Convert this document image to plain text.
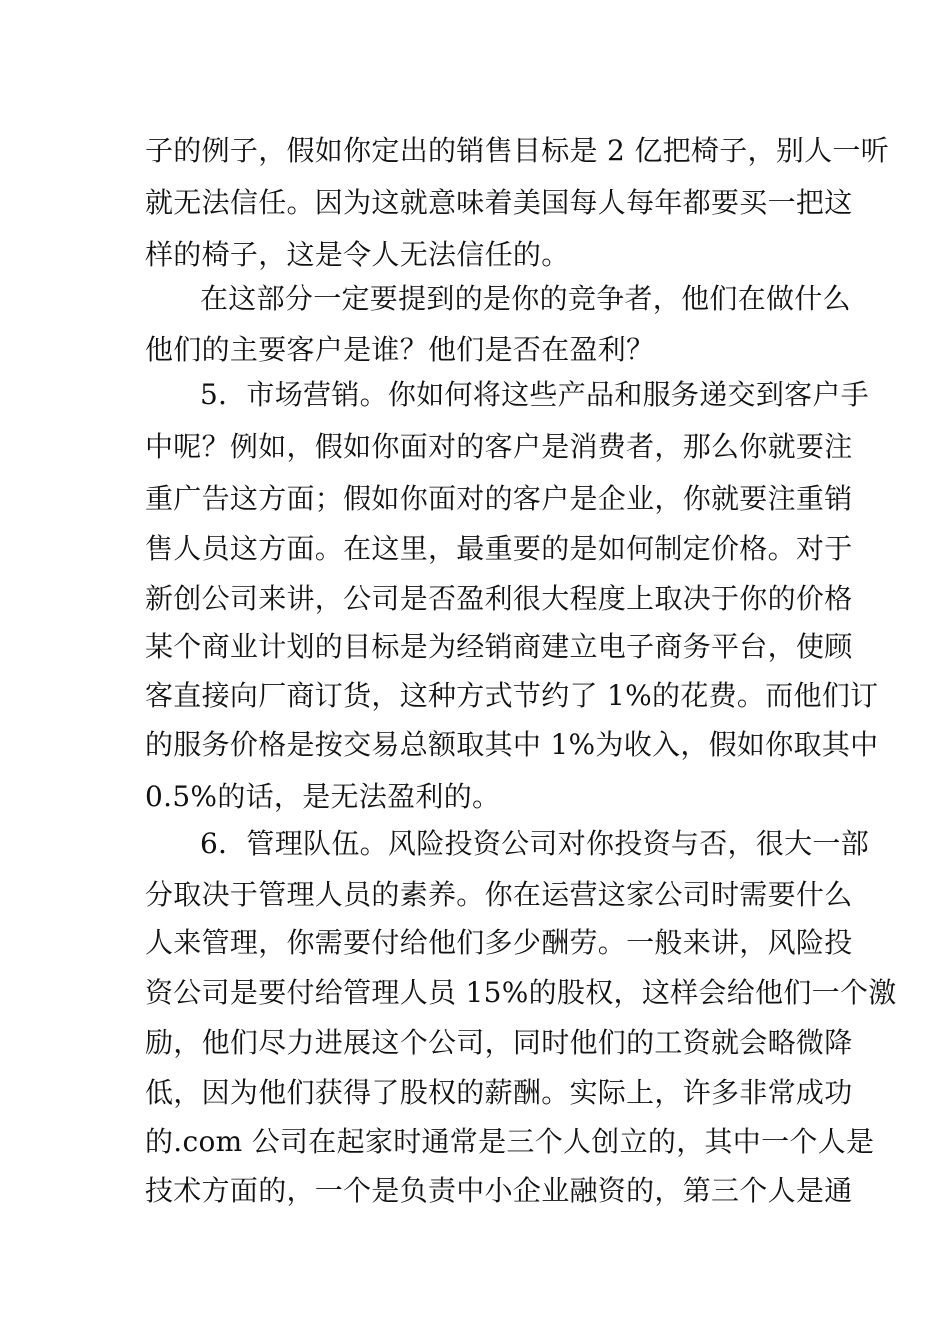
子的例子，假如你定出的销售目标是 2 亿把椅子，别人一听
就无法信任。因为这就意味着美国每人每年都要买一把这
样的椅子，这是令人无法信任的。
在这部分一定要提到的是你的竞争者，他们在做什么
他们的主要客户是谁？他们是否在盈利？
5．市场营销。你如何将这些产品和服务递交到客户手
中呢？例如，假如你面对的客户是消费者，那么你就要注
重广告这方面；假如你面对的客户是企业，你就要注重销
售人员这方面。在这里，最重要的是如何制定价格。对于
新创公司来讲，公司是否盈利很大程度上取决于你的价格
某个商业计划的目标是为经销商建立电子商务平台，使顾
客直接向厂商订货，这种方式节约了 1%的花费。而他们订
的服务价格是按交易总额取其中 1%为收入，假如你取其中
0.5%的话，是无法盈利的。
6．管理队伍。风险投资公司对你投资与否，很大一部
分取决于管理人员的素养。你在运营这家公司时需要什么
人来管理，你需要付给他们多少酬劳。一般来讲，风险投
资公司是要付给管理人员 15%的股权，这样会给他们一个激
励，他们尽力进展这个公司，同时他们的工资就会略微降
低，因为他们获得了股权的薪酬。实际上，许多非常成功
的.com 公司在起家时通常是三个人创立的，其中一个人是
技术方面的，一个是负责中小企业融资的，第三个人是通
